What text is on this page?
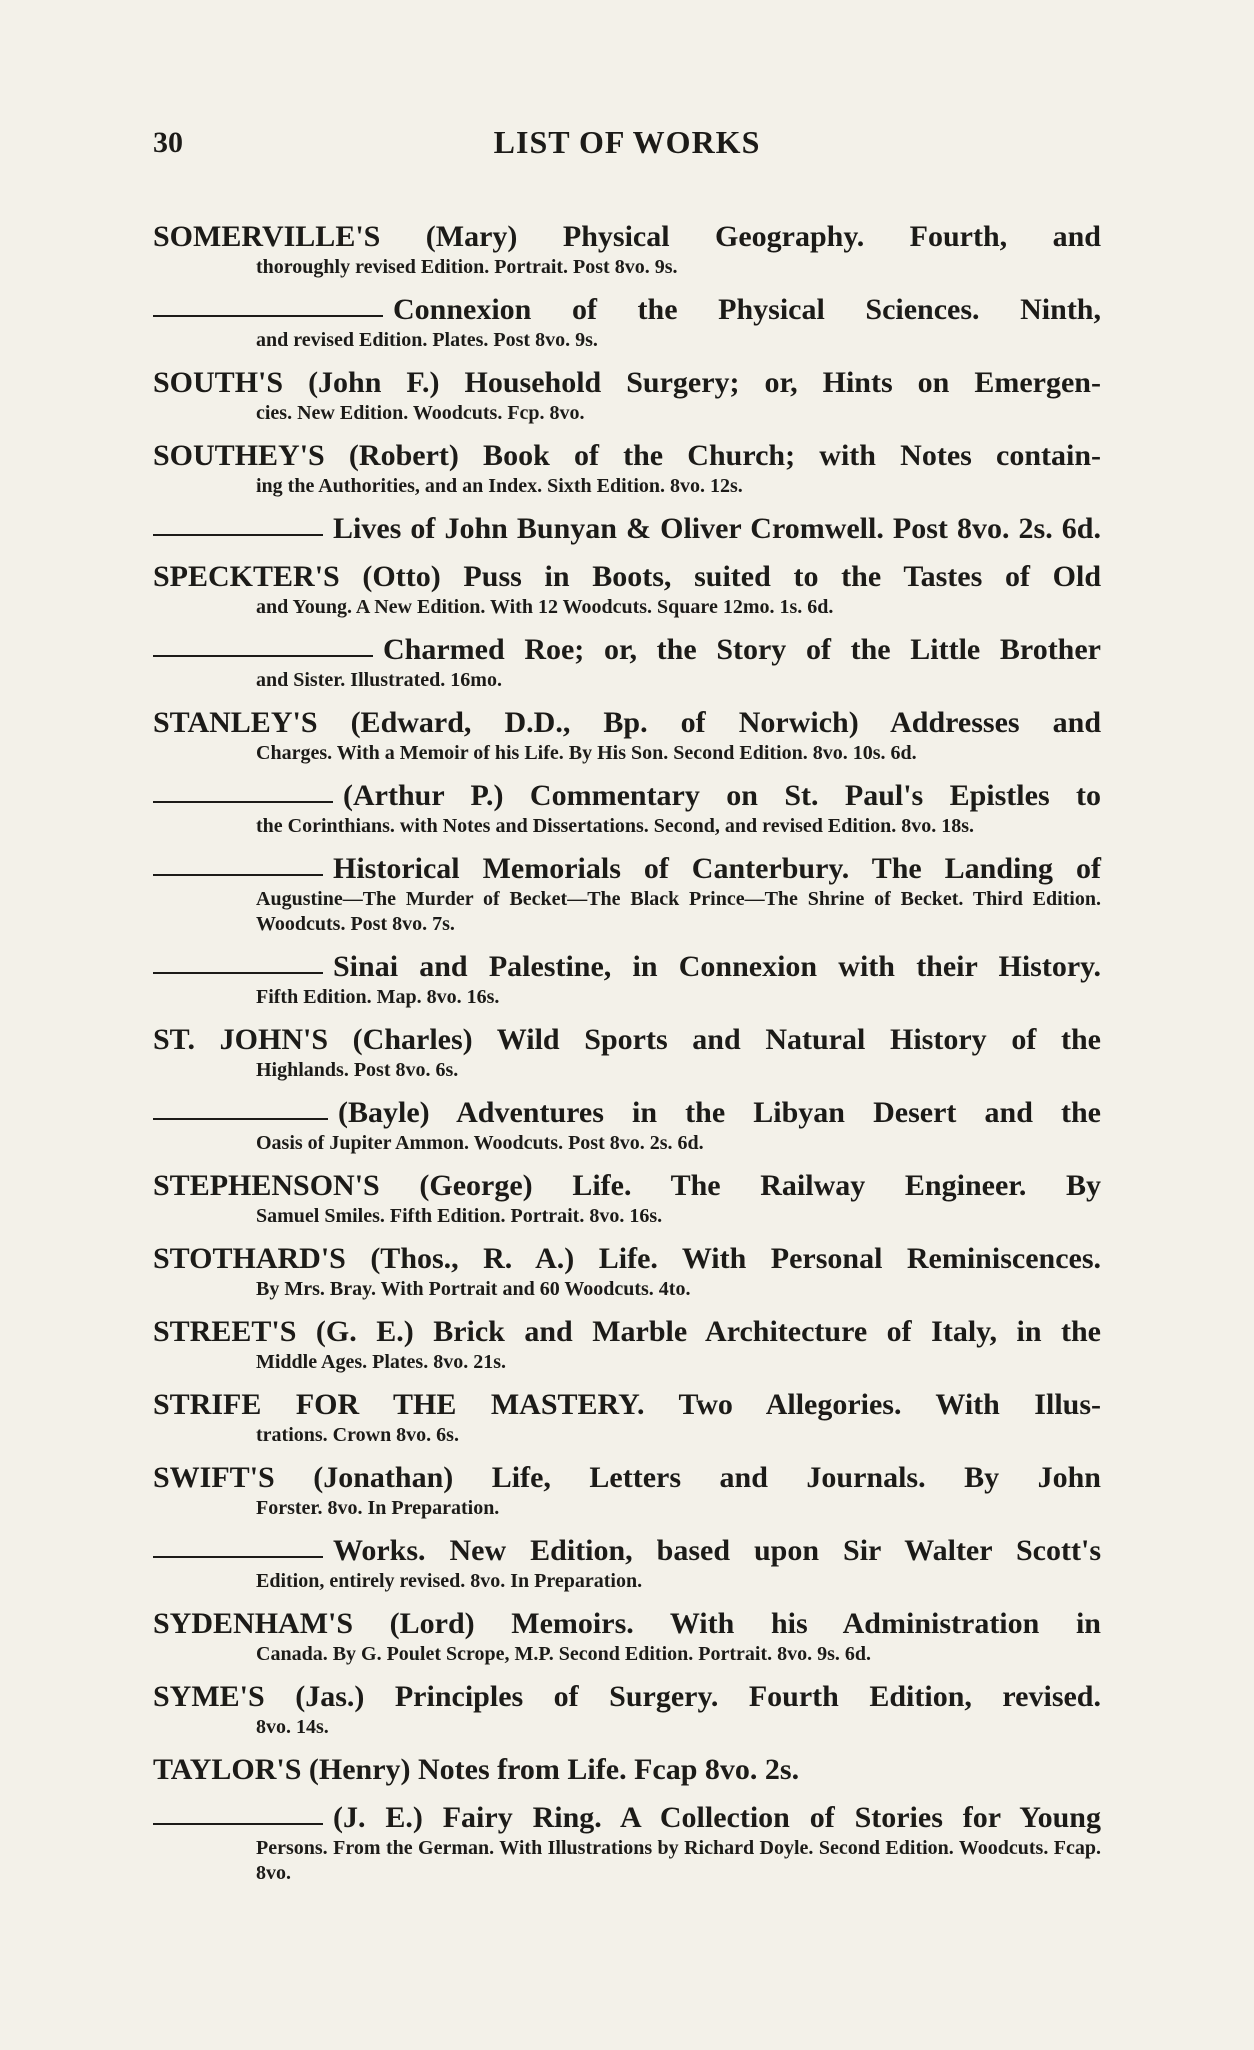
30	LIST OF WORKS
SOMERVILLE'S (Mary) Physical Geography. Fourth, and
thoroughly revised Edition. Portrait. Post 8vo. 9s.
Connexion of the Physical Sciences. Ninth,
and revised Edition. Plates. Post 8vo. 9s.
SOUTH'S (John F.) Household Surgery; or, Hints on Emergen-
cies. New Edition. Woodcuts. Fcp. 8vo.
SOUTHEY'S (Robert) Book of the Church; with Notes contain-
ing the Authorities, and an Index. Sixth Edition. 8vo. 12s.
Lives of John Bunyan & Oliver Cromwell. Post 8vo. 2s. 6d.
SPECKTER'S (Otto) Puss in Boots, suited to the Tastes of Old
and Young. A New Edition. With 12 Woodcuts. Square 12mo. 1s. 6d.
Charmed Roe; or, the Story of the Little Brother
and Sister. Illustrated. 16mo.
STANLEY'S (Edward, D.D., Bp. of Norwich) Addresses and
Charges. With a Memoir of his Life. By His Son. Second Edition. 8vo. 10s. 6d.
(Arthur P.) Commentary on St. Paul's Epistles to
the Corinthians. with Notes and Dissertations. Second, and revised Edition. 8vo. 18s.
Historical Memorials of Canterbury. The Landing of
Augustine—The Murder of Becket—The Black Prince—The Shrine of Becket. Third Edition. Woodcuts. Post 8vo. 7s.
Sinai and Palestine, in Connexion with their History.
Fifth Edition. Map. 8vo. 16s.
ST. JOHN'S (Charles) Wild Sports and Natural History of the
Highlands. Post 8vo. 6s.
(Bayle) Adventures in the Libyan Desert and the
Oasis of Jupiter Ammon. Woodcuts. Post 8vo. 2s. 6d.
STEPHENSON'S (George) Life. The Railway Engineer. By
Samuel Smiles. Fifth Edition. Portrait. 8vo. 16s.
STOTHARD'S (Thos., R. A.) Life. With Personal Reminiscences.
By Mrs. Bray. With Portrait and 60 Woodcuts. 4to.
STREET'S (G. E.) Brick and Marble Architecture of Italy, in the
Middle Ages. Plates. 8vo. 21s.
STRIFE FOR THE MASTERY. Two Allegories. With Illus-
trations. Crown 8vo. 6s.
SWIFT'S (Jonathan) Life, Letters and Journals. By John
Forster. 8vo. In Preparation.
Works. New Edition, based upon Sir Walter Scott's
Edition, entirely revised. 8vo. In Preparation.
SYDENHAM'S (Lord) Memoirs. With his Administration in
Canada. By G. Poulet Scrope, M.P. Second Edition. Portrait. 8vo. 9s. 6d.
SYME'S (Jas.) Principles of Surgery. Fourth Edition, revised.
8vo. 14s.
TAYLOR'S (Henry) Notes from Life. Fcap 8vo. 2s.
(J. E.) Fairy Ring. A Collection of Stories for Young
Persons. From the German. With Illustrations by Richard Doyle. Second Edition. Woodcuts. Fcap. 8vo.
